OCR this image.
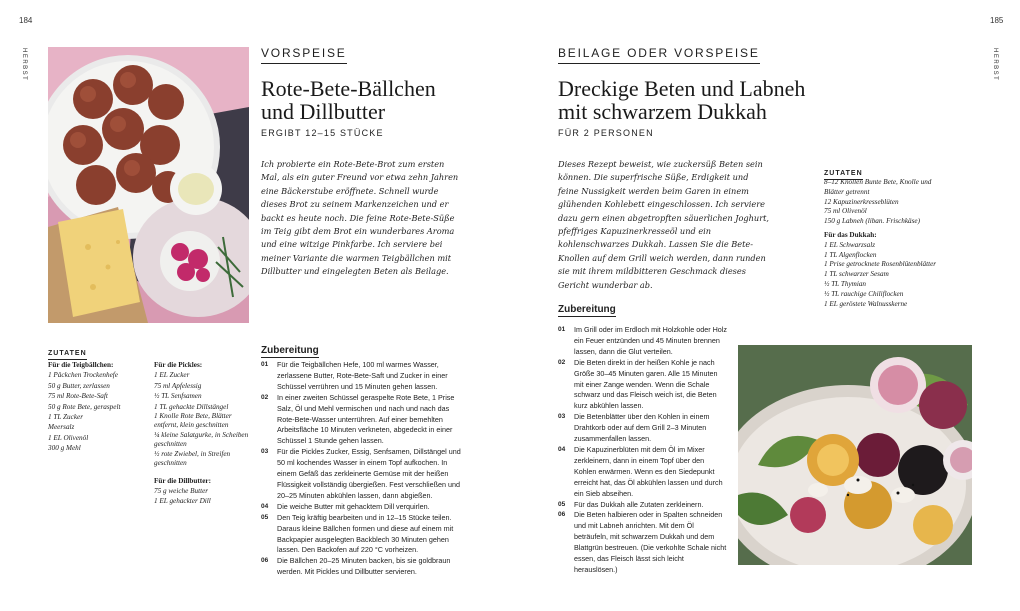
184	185
HERBST	HERBST
VORSPEISE
Rote-Bete-Bällchen
und Dillbutter
ERGIBT 12–15 STÜCKE
Ich probierte ein Rote-Bete-Brot zum ersten Mal, als ein guter Freund vor etwa zehn Jahren eine Bäckerstube eröffnete. Schnell wurde dieses Brot zu seinem Markenzeichen und er backt es heute noch. Die feine Rote-Bete-Süße im Teig gibt dem Brot ein wunderbares Aroma und eine witzige Pinkfarbe. Ich serviere bei meiner Variante die warmen Teigbällchen mit Dillbutter und eingelegten Beten als Beilage.
ZUTATEN
Für die Teigbällchen:
1 Päckchen Trockenhefe
50 g Butter, zerlassen
75 ml Rote-Bete-Saft
50 g Rote Bete, geraspelt
1 TL Zucker
Meersalz
1 EL Olivenöl
300 g Mehl
Für die Pickles:
1 EL Zucker
75 ml Apfelessig
½ TL Senfsamen
1 TL gehackte Dillstängel
1 Knolle Rote Bete, Blätter entfernt, klein geschnitten
¼ kleine Salatgurke, in Scheiben geschnitten
½ rote Zwiebel, in Streifen geschnitten
Für die Dillbutter:
75 g weiche Butter
1 EL gehackter Dill
Zubereitung
01 Für die Teigbällchen Hefe, 100 ml warmes Wasser, zerlassene Butter, Rote-Bete-Saft und Zucker in einer Schüssel verrühren und 15 Minuten gehen lassen.
02 In einer zweiten Schüssel geraspelte Rote Bete, 1 Prise Salz, Öl und Mehl vermischen und nach und nach das Rote-Bete-Wasser unterrühren. Auf einer bemehlten Arbeitsfläche 10 Minuten verkneten, abgedeckt in einer Schüssel 1 Stunde gehen lassen.
03 Für die Pickles Zucker, Essig, Senfsamen, Dillstängel und 50 ml kochendes Wasser in einem Topf aufkochen. In einem Gefäß das zerkleinerte Gemüse mit der heißen Flüssigkeit vollständig übergießen. Fest verschließen und 20–25 Minuten abkühlen lassen, dann abgießen.
04 Die weiche Butter mit gehacktem Dill verquirlen.
05 Den Teig kräftig bearbeiten und in 12–15 Stücke teilen. Daraus kleine Bällchen formen und diese auf einem mit Backpapier ausgelegten Backblech 30 Minuten gehen lassen. Den Backofen auf 220 °C vorheizen.
06 Die Bällchen 20–25 Minuten backen, bis sie goldbraun werden. Mit Pickles und Dillbutter servieren.
BEILAGE ODER VORSPEISE
Dreckige Beten und Labneh
mit schwarzem Dukkah
FÜR 2 PERSONEN
Dieses Rezept beweist, wie zuckersüß Beten sein können. Die superfrische Süße, Erdigkeit und feine Nussigkeit werden beim Garen in einem glühenden Kohlebett eingeschlossen. Ich serviere dazu gern einen abgetropften säuerlichen Joghurt, pfeffriges Kapuzinerkresseöl und ein kohlenschwarzes Dukkah. Lassen Sie die Bete-Knollen auf dem Grill weich werden, dann runden sie mit ihrem mildbitteren Geschmack dieses Gericht wunderbar ab.
ZUTATEN
8–12 Knollen Bunte Bete, Knolle und Blätter getrennt
12 Kapuzinerkresseblüten
75 ml Olivenöl
150 g Labneh (liban. Frischkäse)
Für das Dukkah:
1 EL Schwarzsalz
1 TL Algenflocken
1 Prise getrocknete Rosenblütenblätter
1 TL schwarzer Sesam
½ TL Thymian
½ TL rauchige Chiliflocken
1 EL geröstete Walnusskerne
Zubereitung
01 Im Grill oder im Erdloch mit Holzkohle oder Holz ein Feuer entzünden und 45 Minuten brennen lassen, dann die Glut verteilen.
02 Die Beten direkt in der heißen Kohle je nach Größe 30–45 Minuten garen. Alle 15 Minuten mit einer Zange wenden. Wenn die Schale schwarz und das Fleisch weich ist, die Beten kurz abkühlen lassen.
03 Die Betenblätter über den Kohlen in einem Drahtkorb oder auf dem Grill 2–3 Minuten zusammenfallen lassen.
04 Die Kapuzinerblüten mit dem Öl im Mixer zerkleinern, dann in einem Topf über den Kohlen erwärmen. Wenn es den Siedepunkt erreicht hat, das Öl abkühlen lassen und durch ein Sieb abseihen.
05 Für das Dukkah alle Zutaten zerkleinern.
06 Die Beten halbieren oder in Spalten schneiden und mit Labneh anrichten. Mit dem Öl beträufeln, mit schwarzem Dukkah und dem Blattgrün bestreuen. (Die verkohlte Schale nicht essen, das Fleisch lässt sich leicht herauslösen.)
